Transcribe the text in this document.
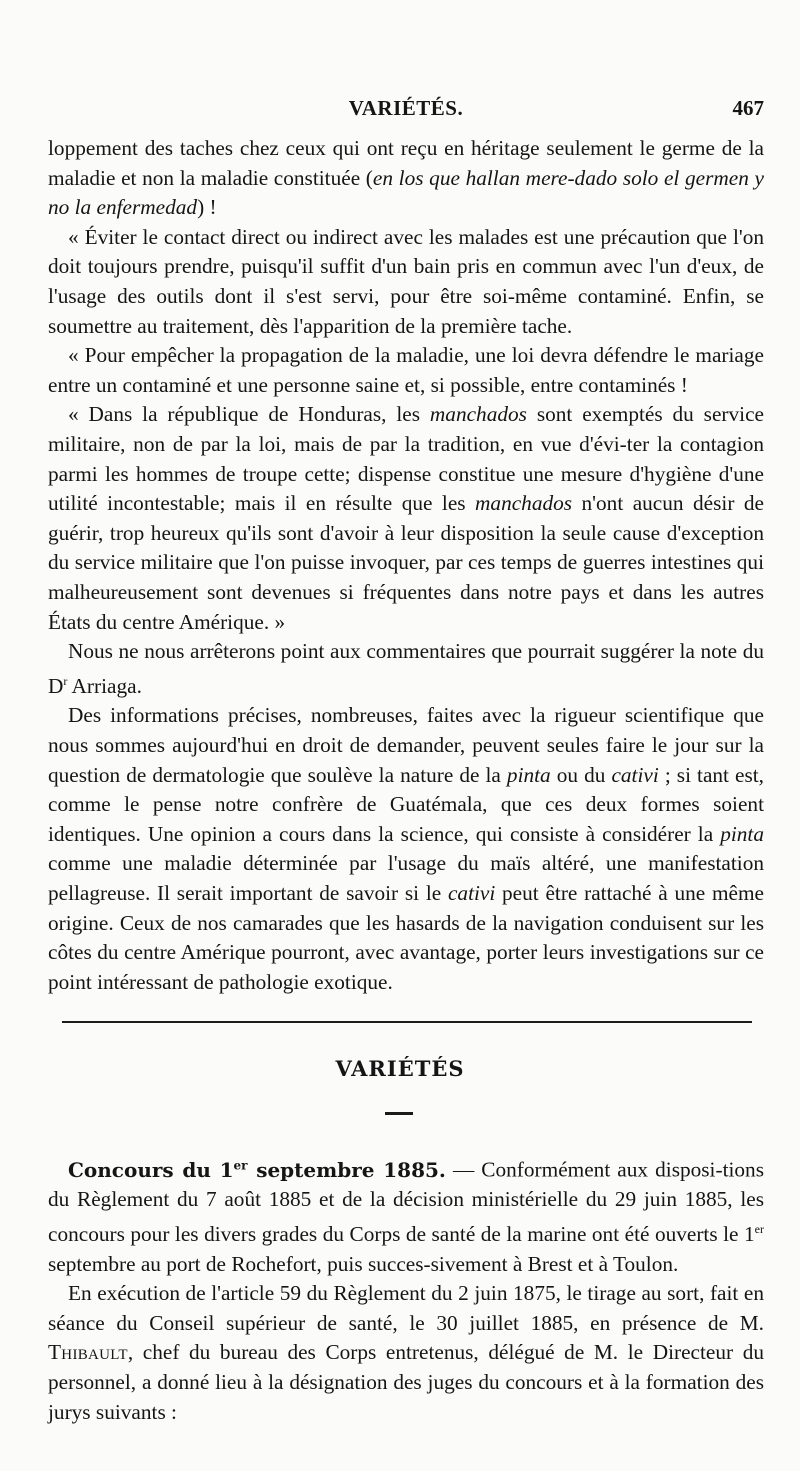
VARIÉTÉS.	467

loppement des taches chez ceux qui ont reçu en héritage seulement le germe de la maladie et non la maladie constituée (en los que hallan mere-dado solo el germen y no la enfermedad) !

« Éviter le contact direct ou indirect avec les malades est une précaution que l'on doit toujours prendre, puisqu'il suffit d'un bain pris en commun avec l'un d'eux, de l'usage des outils dont il s'est servi, pour être soi-même contaminé. Enfin, se soumettre au traitement, dès l'apparition de la première tache.

« Pour empêcher la propagation de la maladie, une loi devra défendre le mariage entre un contaminé et une personne saine et, si possible, entre contaminés !

« Dans la république de Honduras, les manchados sont exemptés du service militaire, non de par la loi, mais de par la tradition, en vue d'évi-ter la contagion parmi les hommes de troupe cette; dispense constitue une mesure d'hygiène d'une utilité incontestable; mais il en résulte que les manchados n'ont aucun désir de guérir, trop heureux qu'ils sont d'avoir à leur disposition la seule cause d'exception du service militaire que l'on puisse invoquer, par ces temps de guerres intestines qui malheureusement sont devenues si fréquentes dans notre pays et dans les autres États du centre Amérique. »

Nous ne nous arrêterons point aux commentaires que pourrait suggérer la note du $D^r$ Arriaga.

Des informations précises, nombreuses, faites avec la rigueur scientifique que nous sommes aujourd'hui en droit de demander, peuvent seules faire le jour sur la question de dermatologie que soulève la nature de la pinta ou du cativi ; si tant est, comme le pense notre confrère de Guatémala, que ces deux formes soient identiques. Une opinion a cours dans la science, qui consiste à considérer la pinta comme une maladie déterminée par l'usage du maïs altéré, une manifestation pellagreuse. Il serait important de savoir si le cativi peut être rattaché à une même origine. Ceux de nos camarades que les hasards de la navigation conduisent sur les côtes du centre Amérique pourront, avec avantage, porter leurs investigations sur ce point intéressant de pathologie exotique.

VARIÉTÉS

Concours du 1er septembre 1885. — Conformément aux disposi-tions du Règlement du 7 août 1885 et de la décision ministérielle du 29 juin 1885, les concours pour les divers grades du Corps de santé de la marine ont été ouverts le 1er septembre au port de Rochefort, puis succes-sivement à Brest et à Toulon.

En exécution de l'article 59 du Règlement du 2 juin 1875, le tirage au sort, fait en séance du Conseil supérieur de santé, le 30 juillet 1885, en présence de M. Thibault, chef du bureau des Corps entretenus, délégué de M. le Directeur du personnel, a donné lieu à la désignation des juges du concours et à la formation des jurys suivants :
